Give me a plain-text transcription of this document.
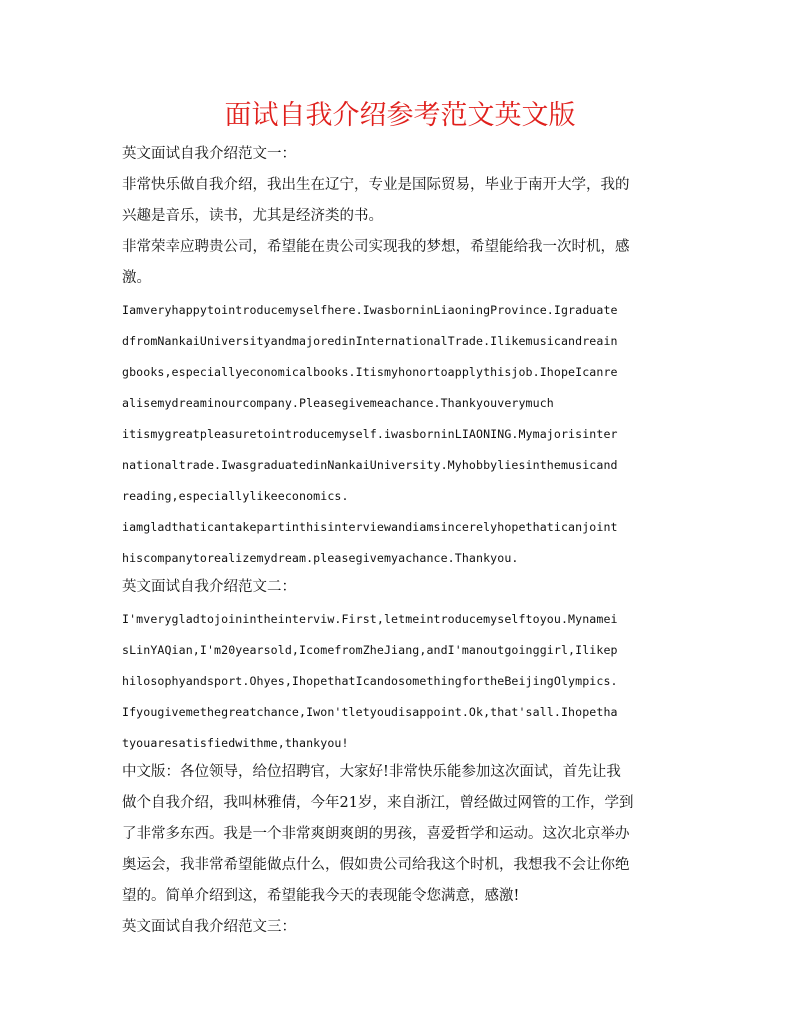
面试自我介绍参考范文英文版
英文面试自我介绍范文一：
非常快乐做自我介绍，我出生在辽宁，专业是国际贸易，毕业于南开大学，我的
兴趣是音乐，读书，尤其是经济类的书。
非常荣幸应聘贵公司，希望能在贵公司实现我的梦想，希望能给我一次时机，感
激。
Iamveryhappytointroducemyselfhere.IwasborninLiaoningProvince.Igraduate
dfromNankaiUniversityandmajoredinInternationalTrade.Ilikemusicandreain
gbooks,especiallyeconomicalbooks.Itismyhonortoapplythisjob.IhopeIcanre
alisemydreaminourcompany.Pleasegivemeachance.Thankyouverymuch
itismygreatpleasuretointroducemyself.iwasborninLIAONING.Mymajorisinter
nationaltrade.IwasgraduatedinNankaiUniversity.Myhobbyliesinthemusicand
reading,especiallylikeeconomics.
iamgladthaticantakepartinthisinterviewandiamsincerelyhopethaticanjoint
hiscompanytorealizemydream.pleasegivemyachance.Thankyou.
英文面试自我介绍范文二：
I'mverygladtojoinintheinterviw.First,letmeintroducemyselftoyou.Mynamei
sLinYAQian,I'm20yearsold,IcomefromZheJiang,andI'manoutgoinggirl,Ilikep
hilosophyandsport.Ohyes,IhopethatIcandosomethingfortheBeijingOlympics.
Ifyougivemethegreatchance,Iwon'tletyoudisappoint.Ok,that'sall.Ihopetha
tyouaresatisfiedwithme,thankyou!
中文版：各位领导，给位招聘官，大家好!非常快乐能参加这次面试，首先让我
做个自我介绍，我叫林雅倩，今年21岁，来自浙江，曾经做过网管的工作，学到
了非常多东西。我是一个非常爽朗爽朗的男孩，喜爱哲学和运动。这次北京举办
奥运会，我非常希望能做点什么，假如贵公司给我这个时机，我想我不会让你绝
望的。简单介绍到这，希望能我今天的表现能令您满意，感激!
英文面试自我介绍范文三：
